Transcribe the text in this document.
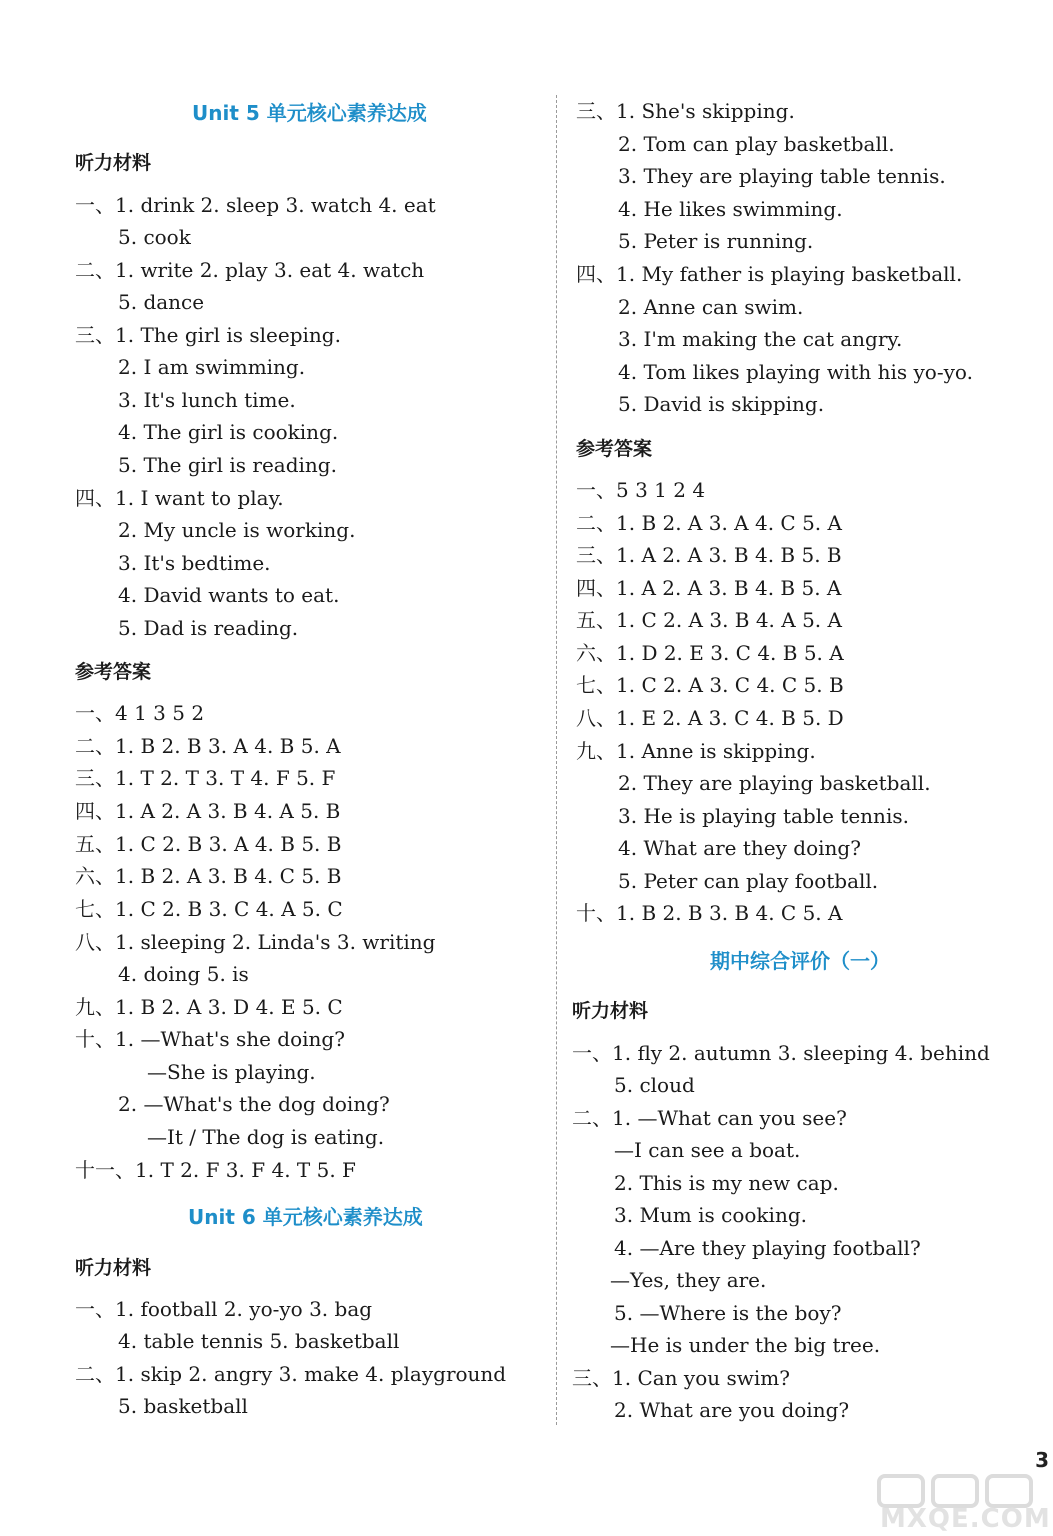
Unit 5 单元核心素养达成
听力材料
一、1. drink 2. sleep 3. watch 4. eat
5. cook
二、1. write 2. play 3. eat 4. watch
5. dance
三、1. The girl is sleeping.
2. I am swimming.
3. It's lunch time.
4. The girl is cooking.
5. The girl is reading.
四、1. I want to play.
2. My uncle is working.
3. It's bedtime.
4. David wants to eat.
5. Dad is reading.
参考答案
一、4 1 3 5 2
二、1. B 2. B 3. A 4. B 5. A
三、1. T 2. T 3. T 4. F 5. F
四、1. A 2. A 3. B 4. A 5. B
五、1. C 2. B 3. A 4. B 5. B
六、1. B 2. A 3. B 4. C 5. B
七、1. C 2. B 3. C 4. A 5. C
八、1. sleeping 2. Linda's 3. writing
4. doing 5. is
九、1. B 2. A 3. D 4. E 5. C
十、1. —What's she doing?
—She is playing.
2. —What's the dog doing?
—It / The dog is eating.
十一、1. T 2. F 3. F 4. T 5. F
Unit 6 单元核心素养达成
听力材料
一、1. football 2. yo-yo 3. bag
4. table tennis 5. basketball
二、1. skip 2. angry 3. make 4. playground
5. basketball
三、1. She's skipping.
2. Tom can play basketball.
3. They are playing table tennis.
4. He likes swimming.
5. Peter is running.
四、1. My father is playing basketball.
2. Anne can swim.
3. I'm making the cat angry.
4. Tom likes playing with his yo-yo.
5. David is skipping.
参考答案
一、5 3 1 2 4
二、1. B 2. A 3. A 4. C 5. A
三、1. A 2. A 3. B 4. B 5. B
四、1. A 2. A 3. B 4. B 5. A
五、1. C 2. A 3. B 4. A 5. A
六、1. D 2. E 3. C 4. B 5. A
七、1. C 2. A 3. C 4. C 5. B
八、1. E 2. A 3. C 4. B 5. D
九、1. Anne is skipping.
2. They are playing basketball.
3. He is playing table tennis.
4. What are they doing?
5. Peter can play football.
十、1. B 2. B 3. B 4. C 5. A
期中综合评价（一）
听力材料
一、1. fly 2. autumn 3. sleeping 4. behind
5. cloud
二、1. —What can you see?
—I can see a boat.
2. This is my new cap.
3. Mum is cooking.
4. —Are they playing football?
—Yes, they are.
5. —Where is the boy?
—He is under the big tree.
三、1. Can you swim?
2. What are you doing?
3
MXQE.COM
